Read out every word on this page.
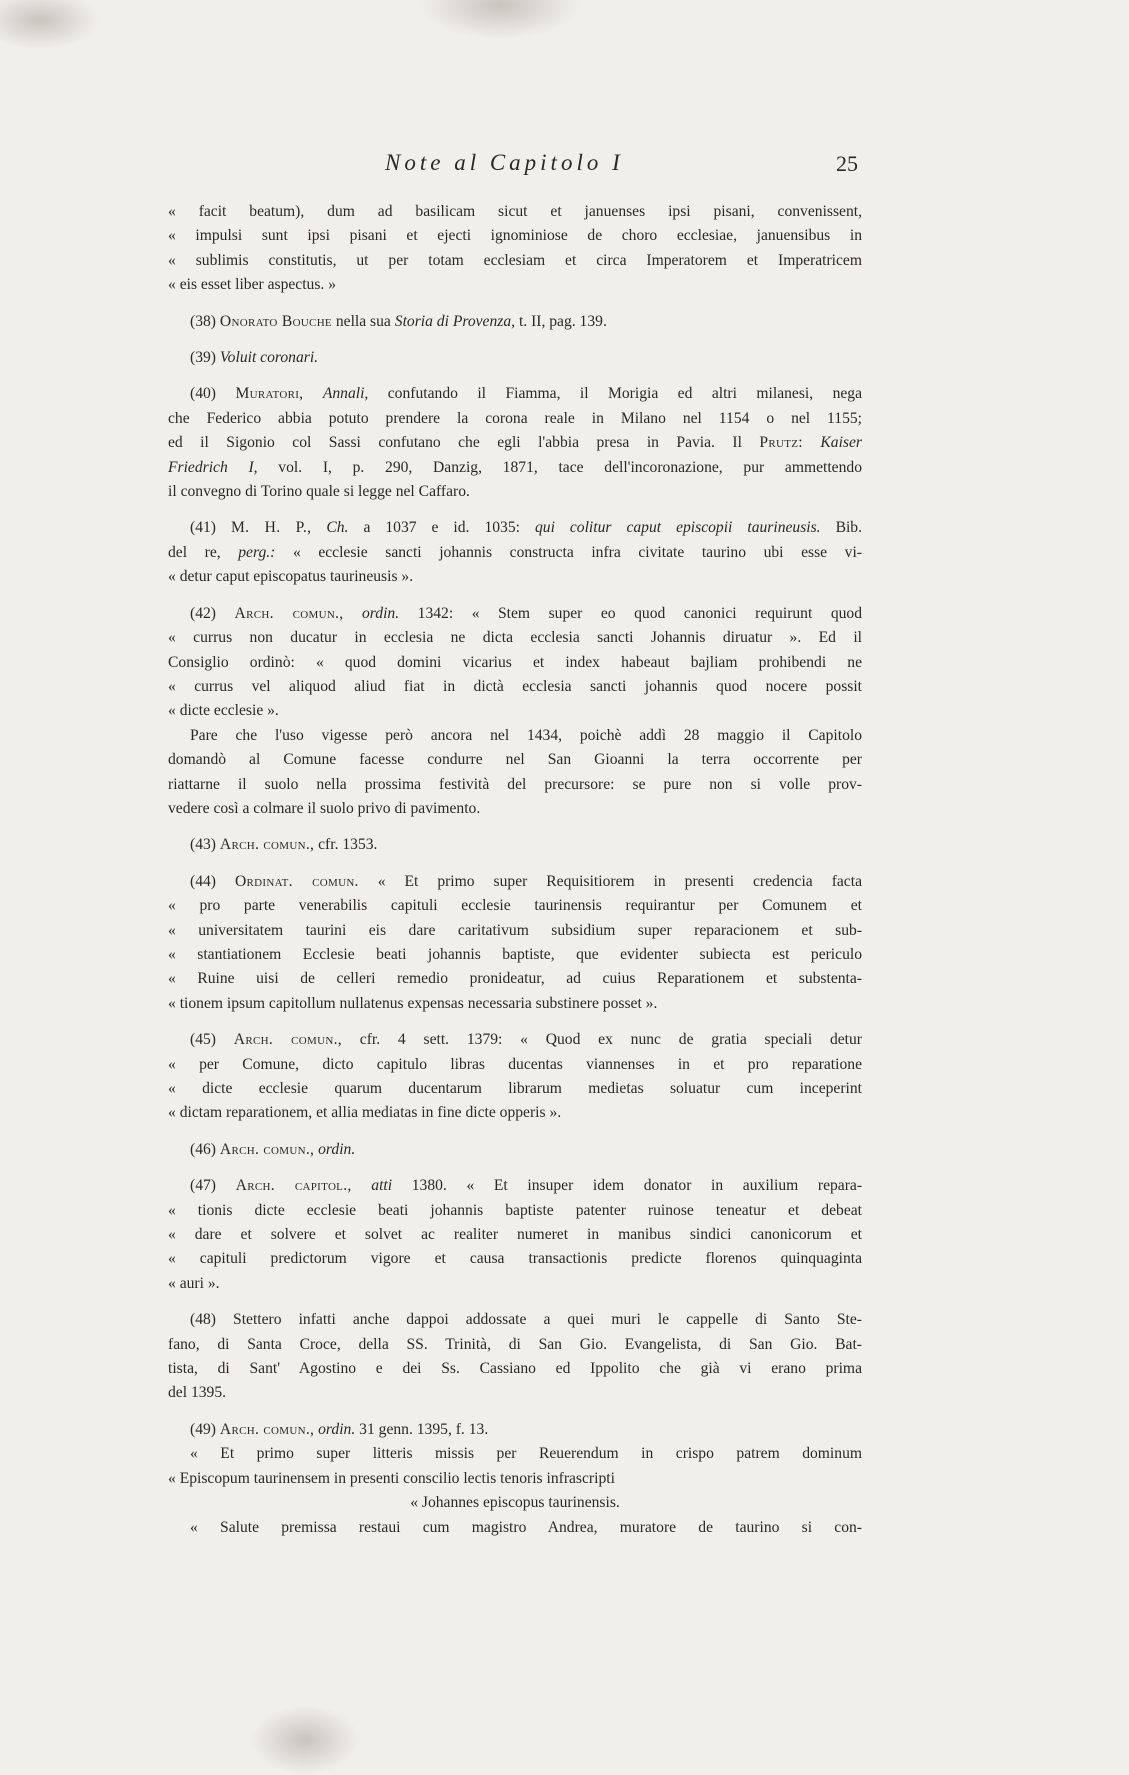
Note al Capitolo I	25

« facit beatum), dum ad basilicam sicut et januenses ipsi pisani, convenissent,

« impulsi sunt ipsi pisani et ejecti ignominiose de choro ecclesiae, januensibus in

« sublimis constitutis, ut per totam ecclesiam et circa Imperatorem et Imperatricem

« eis esset liber aspectus. »

(38) Onorato Bouche nella sua Storia di Provenza, t. II, pag. 139.

(39) Voluit coronari.

(40) Muratori, Annali, confutando il Fiamma, il Morigia ed altri milanesi, nega

che Federico abbia potuto prendere la corona reale in Milano nel 1154 o nel 1155;

ed il Sigonio col Sassi confutano che egli l'abbia presa in Pavia. Il Prutz: Kaiser

Friedrich I, vol. I, p. 290, Danzig, 1871, tace dell'incoronazione, pur ammettendo

il convegno di Torino quale si legge nel Caffaro.

(41) M. H. P., Ch. a 1037 e id. 1035: qui colitur caput episcopii taurineusis. Bib.

del re, perg.: « ecclesie sancti johannis constructa infra civitate taurino ubi esse vi-

« detur caput episcopatus taurineusis ».

(42) Arch. comun., ordin. 1342: « Stem super eo quod canonici requirunt quod

« currus non ducatur in ecclesia ne dicta ecclesia sancti Johannis diruatur ». Ed il

Consiglio ordinò: « quod domini vicarius et index habeaut bajliam prohibendi ne

« currus vel aliquod aliud fiat in dictà ecclesia sancti johannis quod nocere possit

« dicte ecclesie ».

Pare che l'uso vigesse però ancora nel 1434, poichè addì 28 maggio il Capitolo

domandò al Comune facesse condurre nel San Gioanni la terra occorrente per

riattarne il suolo nella prossima festività del precursore: se pure non si volle prov-

vedere così a colmare il suolo privo di pavimento.

(43) Arch. comun., cfr. 1353.

(44) Ordinat. comun. « Et primo super Requisitiorem in presenti credencia facta

« pro parte venerabilis capituli ecclesie taurinensis requirantur per Comunem et

« universitatem taurini eis dare caritativum subsidium super reparacionem et sub-

« stantiationem Ecclesie beati johannis baptiste, que evidenter subiecta est periculo

« Ruine uisi de celleri remedio pronideatur, ad cuius Reparationem et substenta-

« tionem ipsum capitollum nullatenus expensas necessaria substinere posset ».

(45) Arch. comun., cfr. 4 sett. 1379: « Quod ex nunc de gratia speciali detur

« per Comune, dicto capitulo libras ducentas viannenses in et pro reparatione

« dicte ecclesie quarum ducentarum librarum medietas soluatur cum inceperint

« dictam reparationem, et allia mediatas in fine dicte opperis ».

(46) Arch. comun., ordin.

(47) Arch. capitol., atti 1380. « Et insuper idem donator in auxilium repara-

« tionis dicte ecclesie beati johannis baptiste patenter ruinose teneatur et debeat

« dare et solvere et solvet ac realiter numeret in manibus sindici canonicorum et

« capituli predictorum vigore et causa transactionis predicte florenos quinquaginta

« auri ».

(48) Stettero infatti anche dappoi addossate a quei muri le cappelle di Santo Ste-

fano, di Santa Croce, della SS. Trinità, di San Gio. Evangelista, di San Gio. Bat-

tista, di Sant' Agostino e dei Ss. Cassiano ed Ippolito che già vi erano prima

del 1395.

(49) Arch. comun., ordin. 31 genn. 1395, f. 13.

« Et primo super litteris missis per Reuerendum in crispo patrem dominum

« Episcopum taurinensem in presenti conscilio lectis tenoris infrascripti

« Johannes episcopus taurinensis.

« Salute premissa restaui cum magistro Andrea, muratore de taurino si con-
